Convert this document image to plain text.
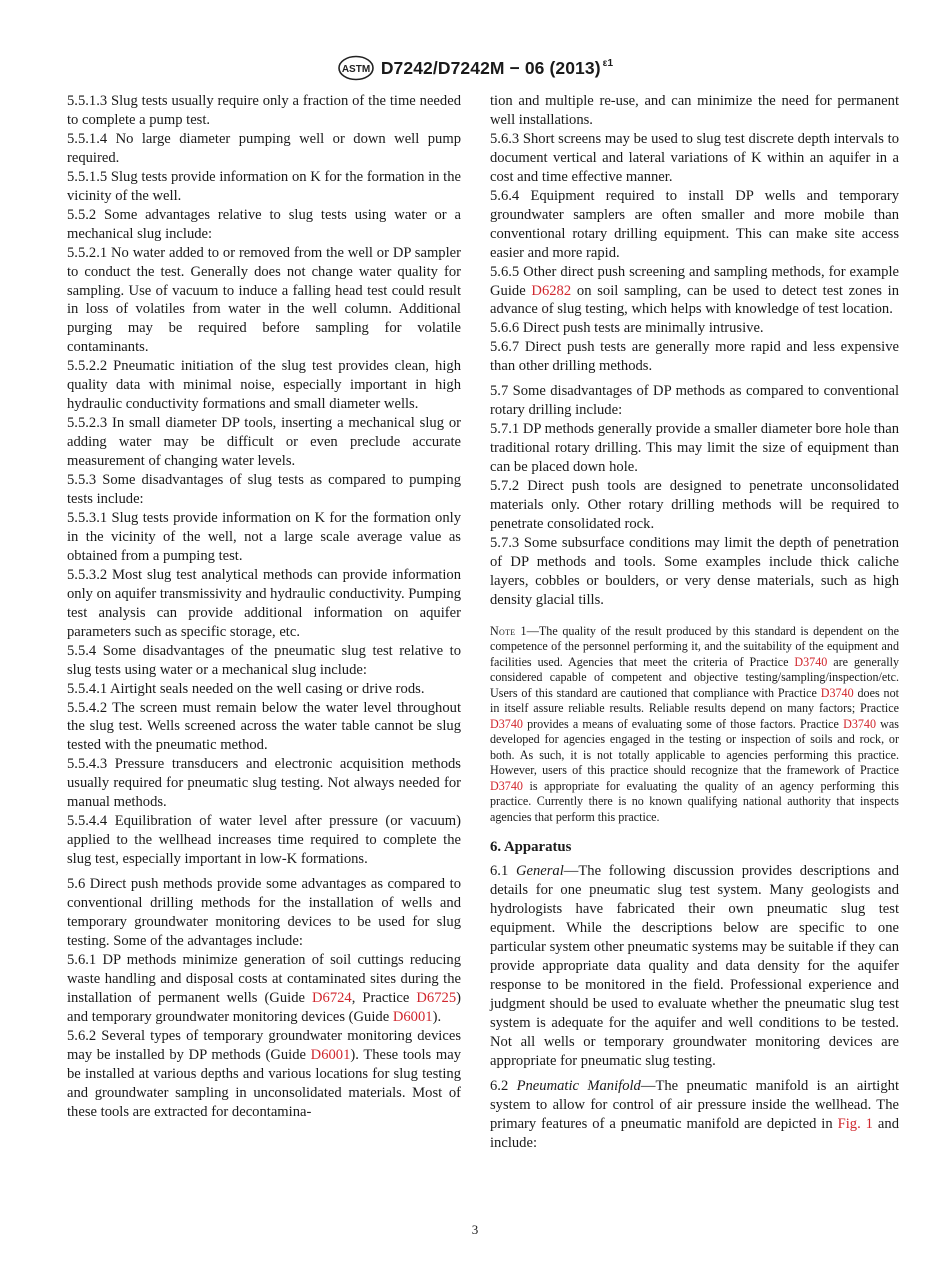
ASTM D7242/D7242M − 06 (2013) $^{\varepsilon 1}$

5.5.1.3 Slug tests usually require only a fraction of the time needed to complete a pump test.

5.5.1.4 No large diameter pumping well or down well pump required.

5.5.1.5 Slug tests provide information on K for the formation in the vicinity of the well.

5.5.2 Some advantages relative to slug tests using water or a mechanical slug include:

5.5.2.1 No water added to or removed from the well or DP sampler to conduct the test. Generally does not change water quality for sampling. Use of vacuum to induce a falling head test could result in loss of volatiles from water in the well column. Additional purging may be required before sampling for volatile contaminants.

5.5.2.2 Pneumatic initiation of the slug test provides clean, high quality data with minimal noise, especially important in high hydraulic conductivity formations and small diameter wells.

5.5.2.3 In small diameter DP tools, inserting a mechanical slug or adding water may be difficult or even preclude accurate measurement of changing water levels.

5.5.3 Some disadvantages of slug tests as compared to pumping tests include:

5.5.3.1 Slug tests provide information on K for the formation only in the vicinity of the well, not a large scale average value as obtained from a pumping test.

5.5.3.2 Most slug test analytical methods can provide information only on aquifer transmissivity and hydraulic conductivity. Pumping test analysis can provide additional information on aquifer parameters such as specific storage, etc.

5.5.4 Some disadvantages of the pneumatic slug test relative to slug tests using water or a mechanical slug include:

5.5.4.1 Airtight seals needed on the well casing or drive rods.

5.5.4.2 The screen must remain below the water level throughout the slug test. Wells screened across the water table cannot be slug tested with the pneumatic method.

5.5.4.3 Pressure transducers and electronic acquisition methods usually required for pneumatic slug testing. Not always needed for manual methods.

5.5.4.4 Equilibration of water level after pressure (or vacuum) applied to the wellhead increases time required to complete the slug test, especially important in low-K formations.

5.6 Direct push methods provide some advantages as compared to conventional drilling methods for the installation of wells and temporary groundwater monitoring devices to be used for slug testing. Some of the advantages include:

5.6.1 DP methods minimize generation of soil cuttings reducing waste handling and disposal costs at contaminated sites during the installation of permanent wells (Guide D6724, Practice D6725) and temporary groundwater monitoring devices (Guide D6001).

5.6.2 Several types of temporary groundwater monitoring devices may be installed by DP methods (Guide D6001). These tools may be installed at various depths and various locations for slug testing and groundwater sampling in unconsolidated materials. Most of these tools are extracted for decontamina-

tion and multiple re-use, and can minimize the need for permanent well installations.

5.6.3 Short screens may be used to slug test discrete depth intervals to document vertical and lateral variations of K within an aquifer in a cost and time effective manner.

5.6.4 Equipment required to install DP wells and temporary groundwater samplers are often smaller and more mobile than conventional rotary drilling equipment. This can make site access easier and more rapid.

5.6.5 Other direct push screening and sampling methods, for example Guide D6282 on soil sampling, can be used to detect test zones in advance of slug testing, which helps with knowledge of test location.

5.6.6 Direct push tests are minimally intrusive.

5.6.7 Direct push tests are generally more rapid and less expensive than other drilling methods.

5.7 Some disadvantages of DP methods as compared to conventional rotary drilling include:

5.7.1 DP methods generally provide a smaller diameter bore hole than traditional rotary drilling. This may limit the size of equipment than can be placed down hole.

5.7.2 Direct push tools are designed to penetrate unconsolidated materials only. Other rotary drilling methods will be required to penetrate consolidated rock.

5.7.3 Some subsurface conditions may limit the depth of penetration of DP methods and tools. Some examples include thick caliche layers, cobbles or boulders, or very dense materials, such as high density glacial tills.

Note 1—The quality of the result produced by this standard is dependent on the competence of the personnel performing it, and the suitability of the equipment and facilities used. Agencies that meet the criteria of Practice D3740 are generally considered capable of competent and objective testing/sampling/inspection/etc. Users of this standard are cautioned that compliance with Practice D3740 does not in itself assure reliable results. Reliable results depend on many factors; Practice D3740 provides a means of evaluating some of those factors. Practice D3740 was developed for agencies engaged in the testing or inspection of soils and rock, or both. As such, it is not totally applicable to agencies performing this practice. However, users of this practice should recognize that the framework of Practice D3740 is appropriate for evaluating the quality of an agency performing this practice. Currently there is no known qualifying national authority that inspects agencies that perform this practice.

6. Apparatus

6.1 General—The following discussion provides descriptions and details for one pneumatic slug test system. Many geologists and hydrologists have fabricated their own pneumatic slug test equipment. While the descriptions below are specific to one particular system other pneumatic systems may be suitable if they can provide appropriate data quality and data density for the aquifer response to be monitored in the field. Professional experience and judgment should be used to evaluate whether the pneumatic slug test system is adequate for the aquifer and well conditions to be tested. Not all wells or temporary groundwater monitoring devices are appropriate for pneumatic slug testing.

6.2 Pneumatic Manifold—The pneumatic manifold is an airtight system to allow for control of air pressure inside the wellhead. The primary features of a pneumatic manifold are depicted in Fig. 1 and include:

3
